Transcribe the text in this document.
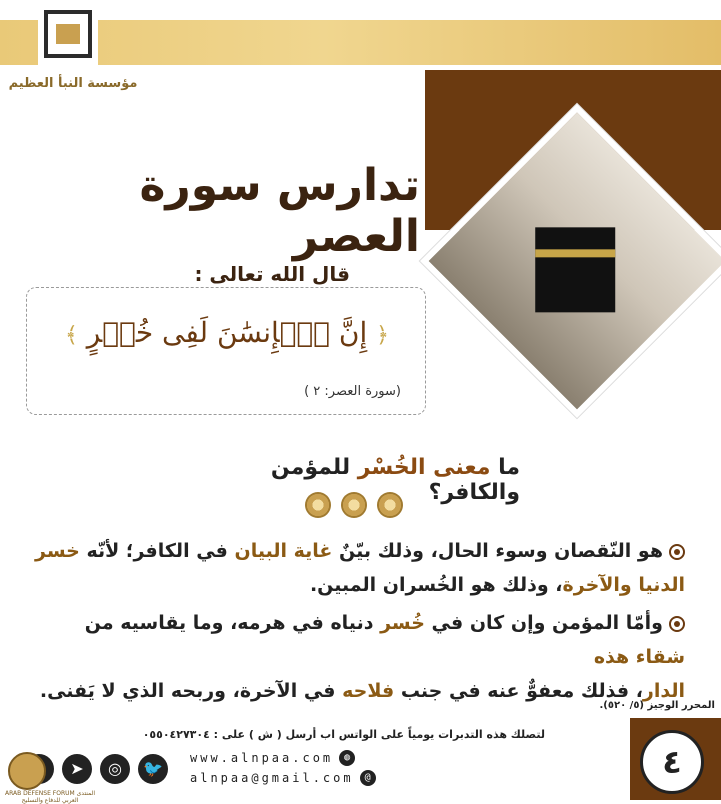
مؤسسة النبأ العظيم
تدارس سورة العصر
قال الله تعالى :
﴿ إِنَّ ٱلۡإِنسَٰنَ لَفِى خُسۡرٍ ﴾
(سورة العصر: ٢ )
ما معنى الخُسْر للمؤمن والكافر؟
هو النّقصان وسوء الحال، وذلك بيّنٌ غاية البيان في الكافر؛ لأنّه خسر
الدنيا والآخرة، وذلك هو الخُسران المبين.
وأمّا المؤمن وإن كان في خُسر دنياه في هرمه، وما يقاسيه من شقاء هذه
الدار، فذلك معفوٌّ عنه في جنب فلاحه في الآخرة، وربحه الذي لا يَفنى.
المحرر الوجيز (٥/ ٥٢٠).
لتصلك هذه التدبرات يومياً على الواتس اب أرسل ( ش ) على : ٠٥٥٠٤٢٧٣٠٤
🐦
◎
➤
www.alnpaa.com	◍
alnpaa@gmail.com	@	٤
ARAB DEFENSE FORUM المنتدى العربي للدفاع والتسليح
